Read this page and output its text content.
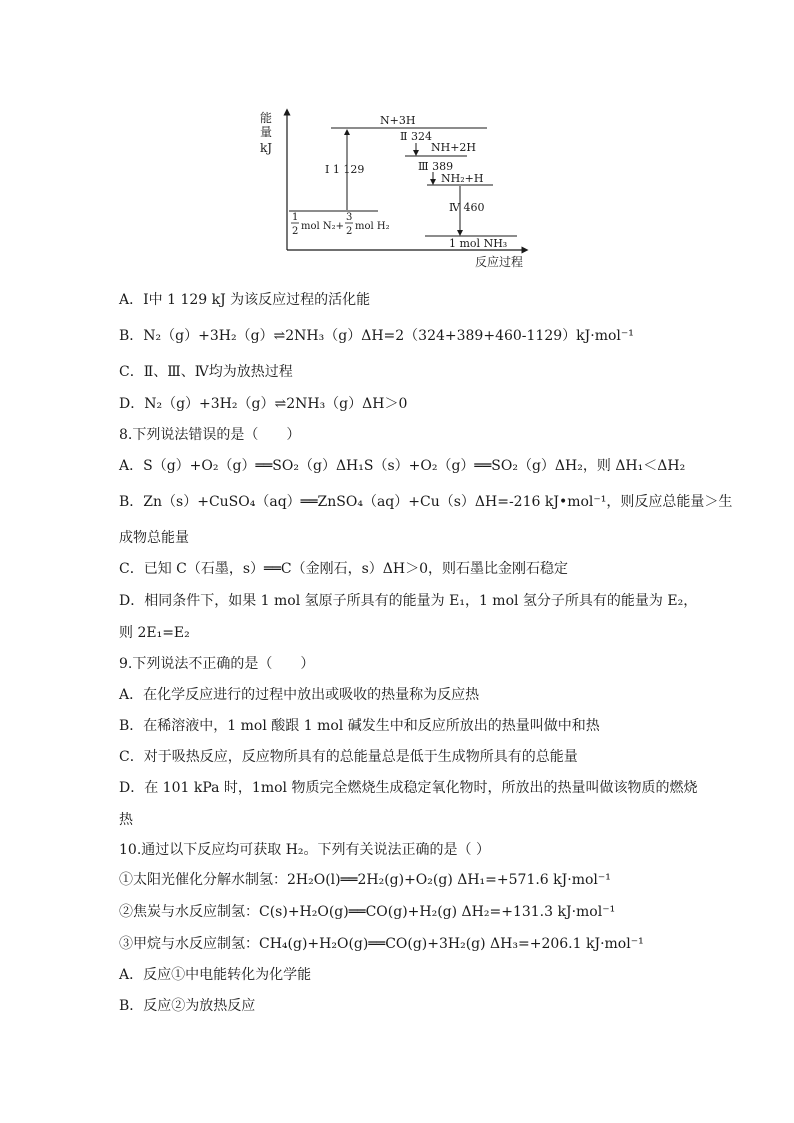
能
量
kJ
反应过程
N+3H
Ⅰ 1 129
1
2 mol N₂+
3
2 mol H₂
Ⅱ 324
NH+2H
Ⅲ 389
NH₂+H
Ⅳ 460
1 mol NH₃
A．Ⅰ中 1 129 kJ 为该反应过程的活化能
B．N₂（g）+3H₂（g）⇌2NH₃（g）ΔH=2（324+389+460-1129）kJ·mol⁻¹
C．Ⅱ、Ⅲ、Ⅳ均为放热过程
D．N₂（g）+3H₂（g）⇌2NH₃（g）ΔH＞0
8.下列说法错误的是（　　）
A．S（g）+O₂（g）══SO₂（g）ΔH₁S（s）+O₂（g）══SO₂（g）ΔH₂，则 ΔH₁＜ΔH₂
B．Zn（s）+CuSO₄（aq）══ZnSO₄（aq）+Cu（s）ΔH=-216 kJ•mol⁻¹，则反应总能量＞生
成物总能量
C．已知 C（石墨，s）══C（金刚石，s）ΔH＞0，则石墨比金刚石稳定
D．相同条件下，如果 1 mol 氢原子所具有的能量为 E₁，1 mol 氢分子所具有的能量为 E₂，
则 2E₁=E₂
9.下列说法不正确的是（　　）
A．在化学反应进行的过程中放出或吸收的热量称为反应热
B．在稀溶液中，1 mol 酸跟 1 mol 碱发生中和反应所放出的热量叫做中和热
C．对于吸热反应，反应物所具有的总能量总是低于生成物所具有的总能量
D．在 101 kPa 时，1mol 物质完全燃烧生成稳定氧化物时，所放出的热量叫做该物质的燃烧
热
10.通过以下反应均可获取 H₂。下列有关说法正确的是（ ）
①太阳光催化分解水制氢：2H₂O(l)══2H₂(g)+O₂(g) ΔH₁=+571.6 kJ·mol⁻¹
②焦炭与水反应制氢：C(s)+H₂O(g)══CO(g)+H₂(g) ΔH₂=+131.3 kJ·mol⁻¹
③甲烷与水反应制氢：CH₄(g)+H₂O(g)══CO(g)+3H₂(g) ΔH₃=+206.1 kJ·mol⁻¹
A．反应①中电能转化为化学能
B．反应②为放热反应
